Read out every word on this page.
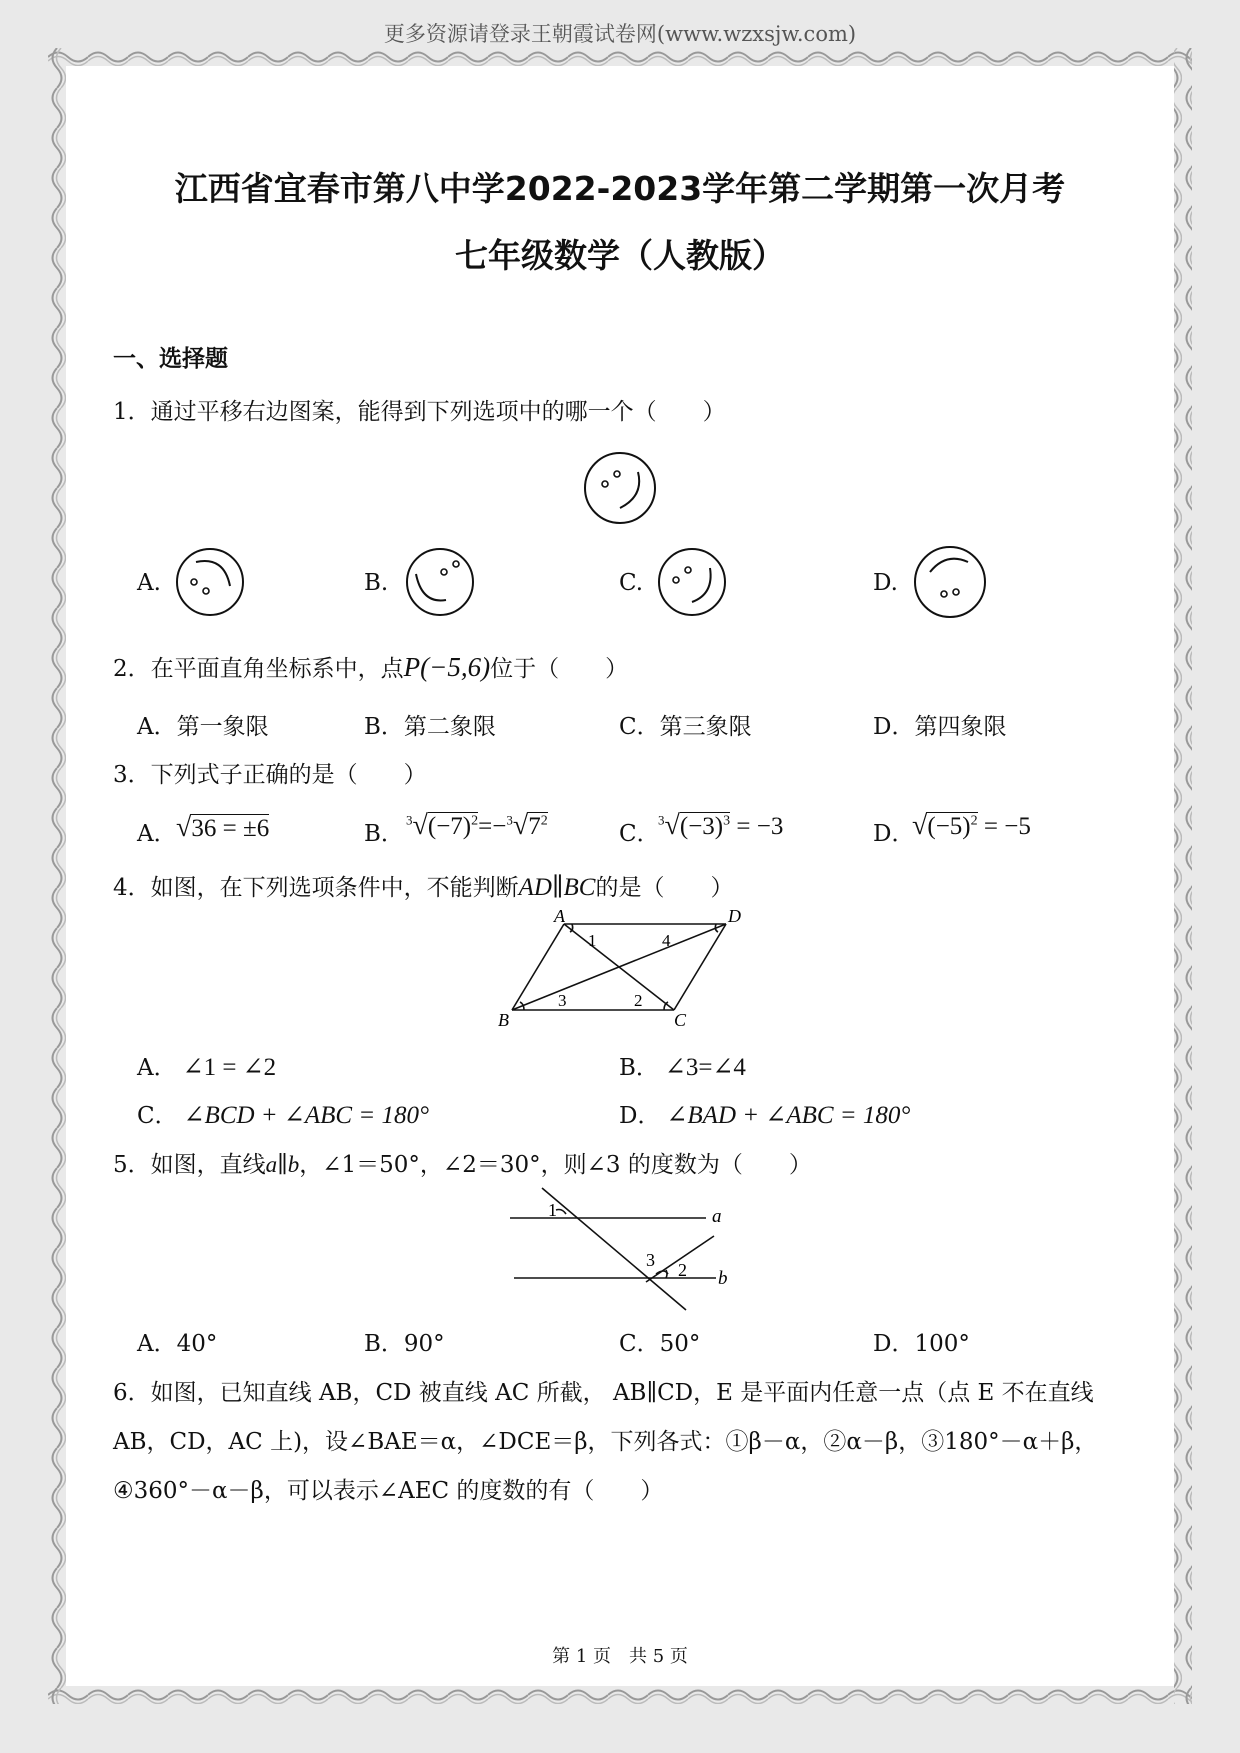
更多资源请登录王朝霞试卷网(www.wzxsjw.com)
江西省宜春市第八中学2022-2023学年第二学期第一次月考
七年级数学（人教版）
一、选择题
1．通过平移右边图案，能得到下列选项中的哪一个（　　）
A.	B.	C.	D.
2．在平面直角坐标系中，点P(−5,6)位于（　　）
A．第一象限	B．第二象限	C．第三象限	D．第四象限
3．下列式子正确的是（　　）
A． √36 = ±6	B．
$^3√(-7)^2=-^3√7^2$	C．
$^3√(-3)^3 = -3$	D．
$√(-5)^2 = -5$
4．如图，在下列选项条件中，不能判断AD∥BC的是（　　）
A	D
B	C
1	4
3	2
A． ∠1 = ∠2	B． ∠3=∠4
C． ∠BCD + ∠ABC = 180°	D． ∠BAD + ∠ABC = 180°
5．如图，直线a∥b，∠1＝50°，∠2＝30°，则∠3 的度数为（　　）
1
3 2
a
b
A．40°	B．90°	C．50°	D．100°
6．如图，已知直线 AB，CD 被直线 AC 所截， AB∥CD，E 是平面内任意一点（点 E 不在直线
AB，CD，AC 上)，设∠BAE＝α，∠DCE＝β，下列各式：①β－α，②α－β，③180°－α＋β，
④360°－α－β，可以表示∠AEC 的度数的有（　　）
第 1 页　共 5 页
